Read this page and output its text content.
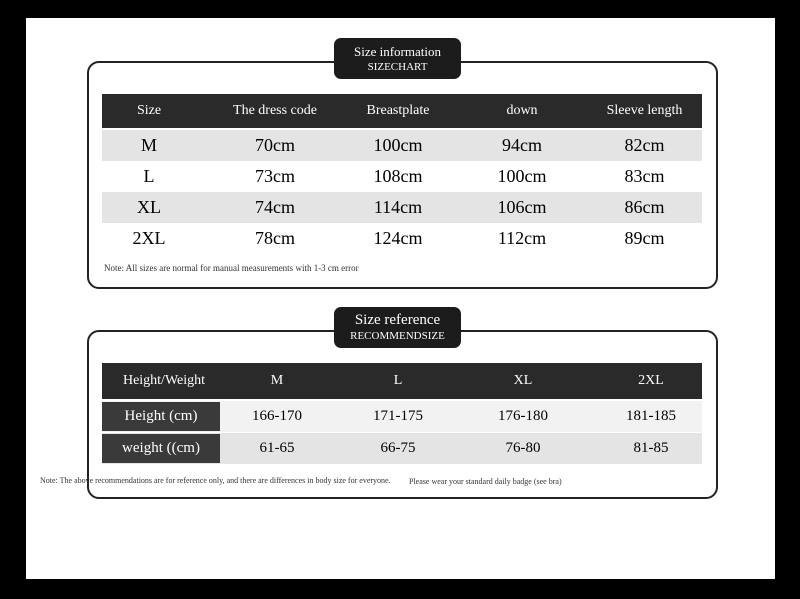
Size	The dress code	Breastplate	down	Sleeve length
M	70cm	100cm	94cm	82cm
L	73cm	108cm	100cm	83cm
XL	74cm	114cm	106cm	86cm
2XL	78cm	124cm	112cm	89cm
Note: All sizes are normal for manual measurements with 1-3 cm error
Size information
SIZECHART
Height/Weight	M	L	XL	2XL
Height (cm)	166-170	171-175	176-180	181-185
weight ((cm)	61-65	66-75	76-80	81-85
Size reference
RECOMMENDSIZE
Note: The above recommendations are for reference only, and there are differences in body size for everyone. Please wear your standard daily badge (see bra)
